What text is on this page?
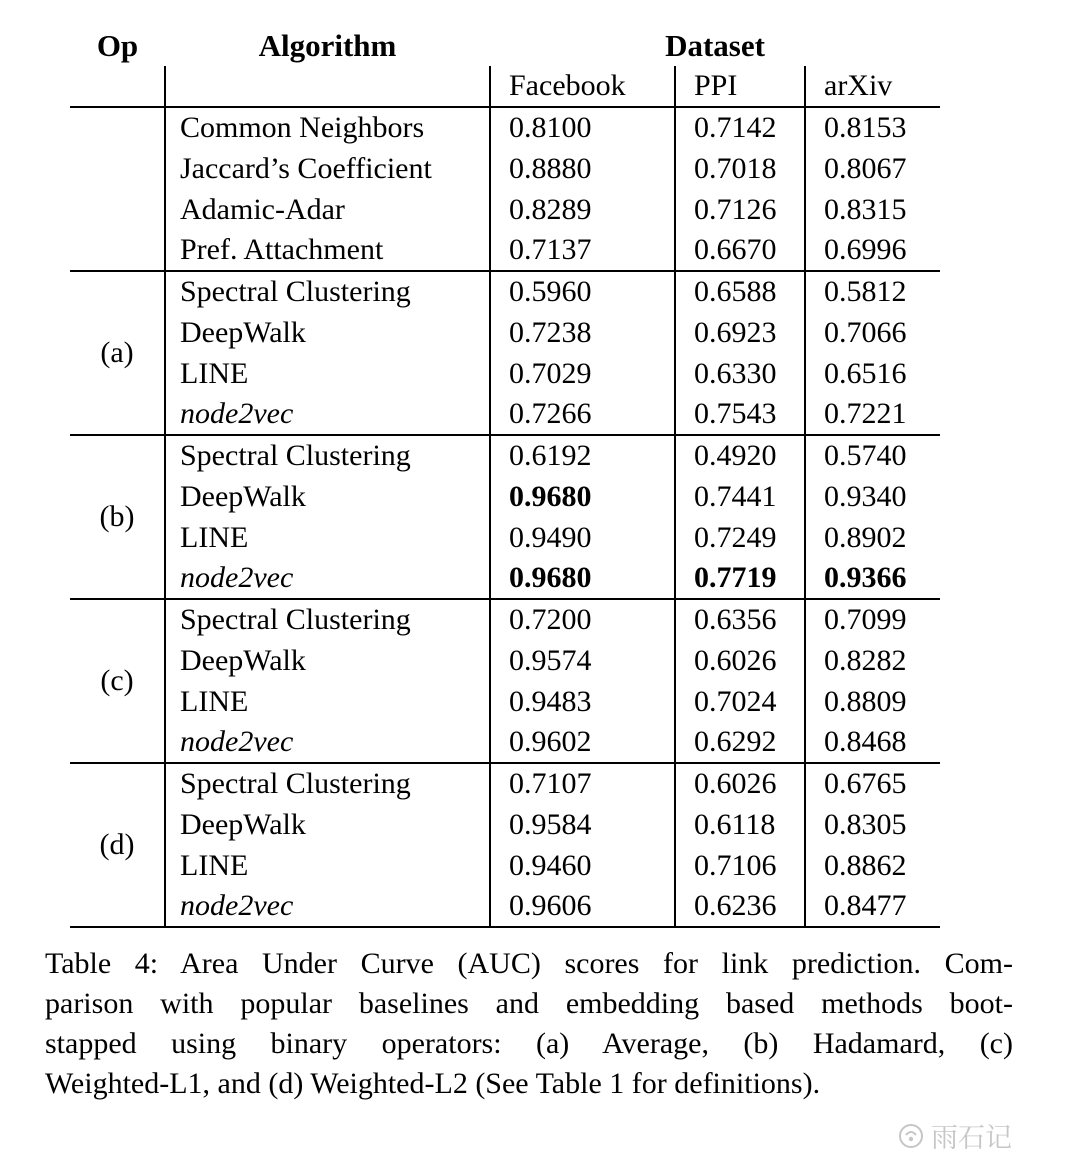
Op	Algorithm	Dataset		
		Facebook	PPI	arXiv
	Common Neighbors	0.8100	0.7142	0.8153
	Jaccard’s Coefficient	0.8880	0.7018	0.8067
	Adamic-Adar	0.8289	0.7126	0.8315
	Pref. Attachment	0.7137	0.6670	0.6996
(a)	Spectral Clustering	0.5960	0.6588	0.5812
	DeepWalk	0.7238	0.6923	0.7066
	LINE	0.7029	0.6330	0.6516
	node2vec	0.7266	0.7543	0.7221
(b)	Spectral Clustering	0.6192	0.4920	0.5740
	DeepWalk	0.9680	0.7441	0.9340
	LINE	0.9490	0.7249	0.8902
	node2vec	0.9680	0.7719	0.9366
(c)	Spectral Clustering	0.7200	0.6356	0.7099
	DeepWalk	0.9574	0.6026	0.8282
	LINE	0.9483	0.7024	0.8809
	node2vec	0.9602	0.6292	0.8468
(d)	Spectral Clustering	0.7107	0.6026	0.6765
	DeepWalk	0.9584	0.6118	0.8305
	LINE	0.9460	0.7106	0.8862
	node2vec	0.9606	0.6236	0.8477
Table 4: Area Under Curve (AUC) scores for link prediction. Com-
parison with popular baselines and embedding based methods boot-
stapped using binary operators: (a) Average, (b) Hadamard, (c)
Weighted-L1, and (d) Weighted-L2 (See Table 1 for definitions).
雨石记
